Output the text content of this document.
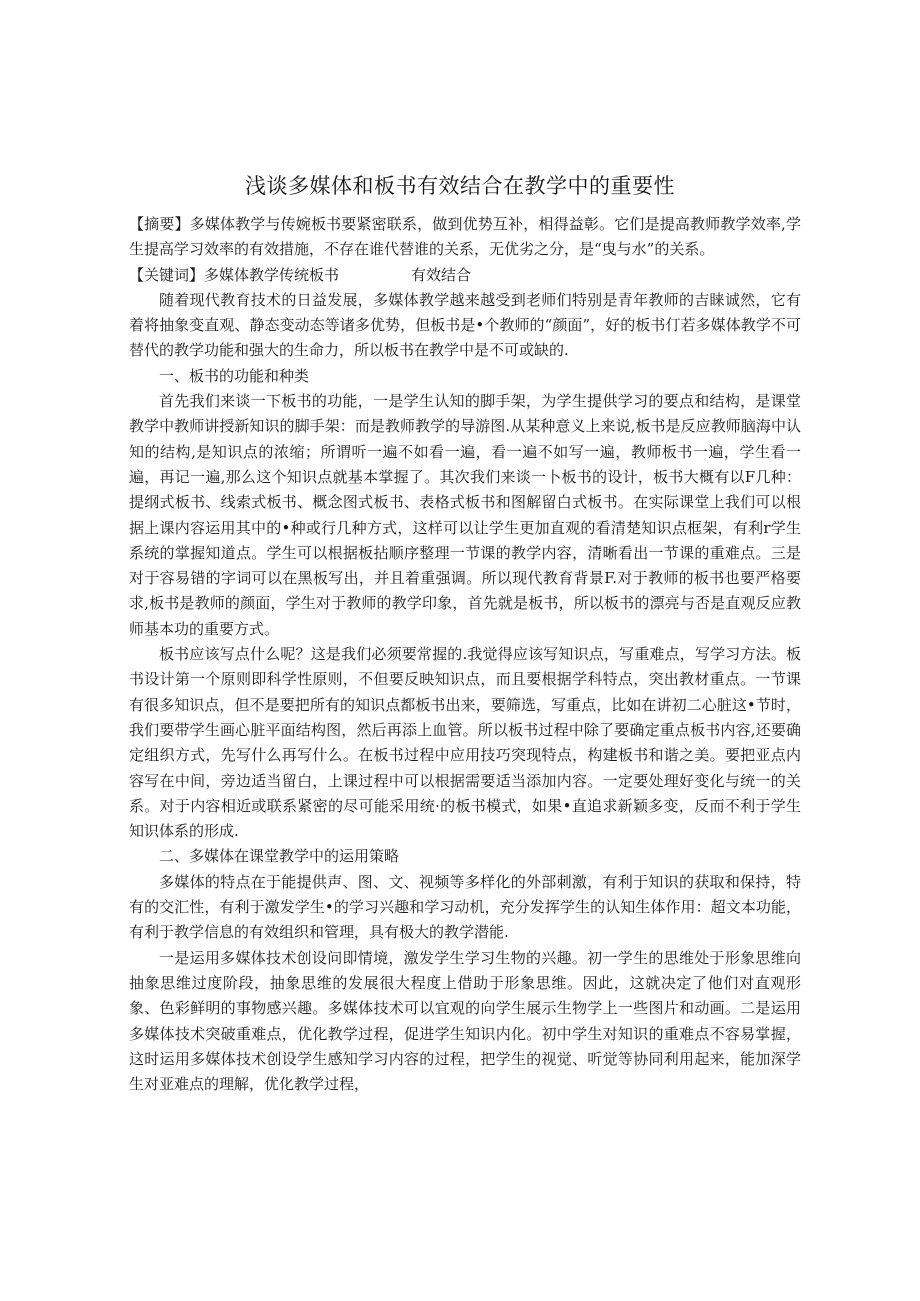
浅谈多媒体和板书有效结合在教学中的重要性

【摘要】多媒体教学与传婉板书要紧密联系，做到优势互补，相得益彰。它们是提高教师教学效率,学生提高学习效率的有效措施，不存在谁代替谁的关系，无优劣之分，是“曳与水”的关系。

【关键词】多媒体教学传统板书	有效结合

随着现代教育技术的日益发展，多媒体教学越来越受到老师们特别是青年教师的吉睐诚然，它有着将抽象变直观、静态变动态等诸多优势，但板书是•个教师的“颜面”，好的板书仃若多媒体教学不可替代的教学功能和强大的生命力，所以板书在教学中是不可或缺的.

一、板书的功能和种类

首先我们来谈一下板书的功能，一是学生认知的脚手架，为学生提供学习的要点和结构，是课堂教学中教师讲授新知识的脚手架：而是教师教学的导游图.从某种意义上来说,板书是反应教师脑海中认知的结构,是知识点的浓缩；所谓听一遍不如看一遍，看一遍不如写一遍，教师板书一遍，学生看一遍，再记一遍,那么这个知识点就基本掌握了。其次我们来谈一卜板书的设计，板书大概有以F几种：提纲式板书、线索式板书、概念图式板书、表格式板书和图解留白式板书。在实际课堂上我们可以根据上课内容运用其中的•种或行几种方式，这样可以让学生更加直观的看清楚知识点框架，有利r学生系统的掌握知道点。学生可以根据板拈顺序整理一节课的教学内容，清晰看出一节课的重难点。三是对于容易错的字词可以在黑板写出，并且着重强调。所以现代教育背景F.对于教师的板书也要严格要求,板书是教师的颜面，学生对于教师的教学印象，首先就是板书，所以板书的漂亮与否是直观反应教师基本功的重要方式。

板书应该写点什么呢？这是我们必须要常握的.我觉得应该写知识点，写重难点，写学习方法。板书设计第一个原则即科学性原则，不但要反映知识点，而且要根据学科特点，突出教材重点。一节课有很多知识点，但不是要把所有的知识点都板书出来，要筛选，写重点，比如在讲初二心脏这•节时，我们要带学生画心脏平面结构图，然后再添上血管。所以板书过程中除了要确定重点板书内容,还要确定组织方式，先写什么再写什么。在板书过程中应用技巧突现特点，构建板书和谐之美。要把亚点内容写在中间，旁边适当留白，上课过程中可以根据需要适当添加内容。一定要处理好变化与统一的关系。对于内容相近或联系紧密的尽可能采用统·的板书模式，如果•直追求新颖多变，反而不利于学生知识体系的形成.

二、多媒体在课堂教学中的运用策略

多媒体的特点在于能提供声、图、文、视频等多样化的外部刺激，有利于知识的获取和保持，特有的交汇性，有利于激发学生•的学习兴趣和学习动机，充分发挥学生的认知生体作用：超文本功能，有利于教学信息的有效组织和管理，具有极大的教学潜能.

一是运用多媒体技术创设问即情境，激发学生学习生物的兴趣。初一学生的思维处于形象思维向抽象思维过度阶段，抽象思维的发展很大程度上借助于形象思维。因此，这就决定了他们对直观形象、色彩鲜明的事物感兴趣。多媒体技术可以宜观的向学生展示生物学上一些图片和动画。二是运用多媒体技术突破重难点，优化教学过程，促进学生知识内化。初中学生对知识的重难点不容易掌握，这时运用多媒体技术创设学生感知学习内容的过程，把学生的视觉、听觉等协同利用起来，能加深学生对亚难点的理解，优化教学过程，
